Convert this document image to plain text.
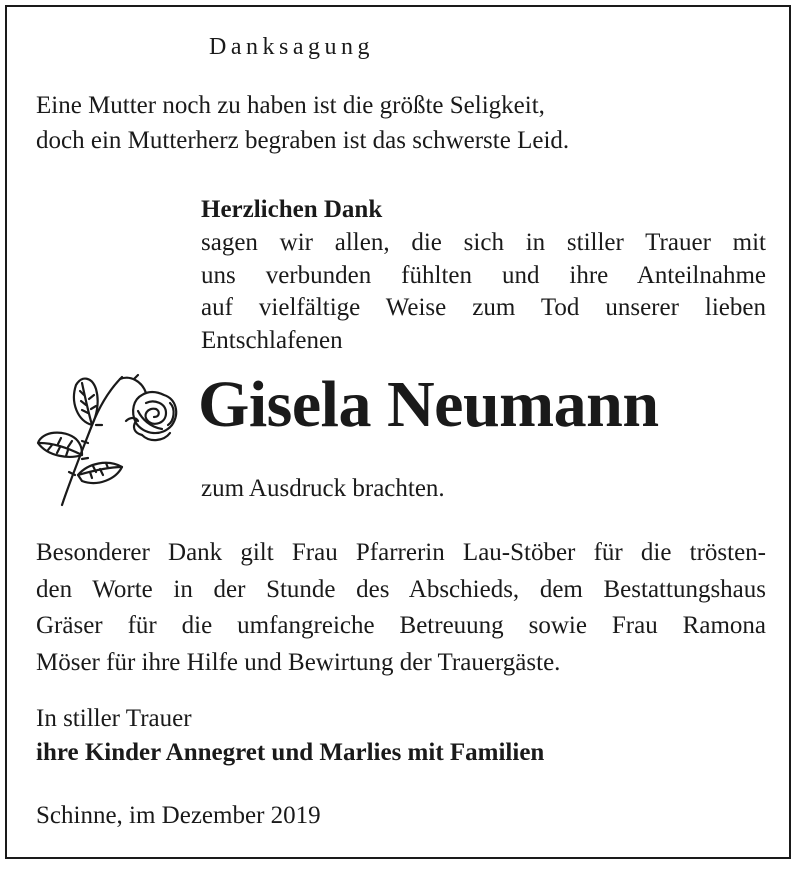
Danksagung
Eine Mutter noch zu haben ist die größte Seligkeit,
doch ein Mutterherz begraben ist das schwerste Leid.
Herzlichen Dank
sagen wir allen, die sich in stiller Trauer mit
uns verbunden fühlten und ihre Anteilnahme
auf vielfältige Weise zum Tod unserer lieben
Entschlafenen
Gisela Neumann
zum Ausdruck brachten.
Besonderer Dank gilt Frau Pfarrerin Lau-Stöber für die trösten-
den Worte in der Stunde des Abschieds, dem Bestattungshaus
Gräser für die umfangreiche Betreuung sowie Frau Ramona
Möser für ihre Hilfe und Bewirtung der Trauergäste.
In stiller Trauer
ihre Kinder Annegret und Marlies mit Familien
Schinne, im Dezember 2019
